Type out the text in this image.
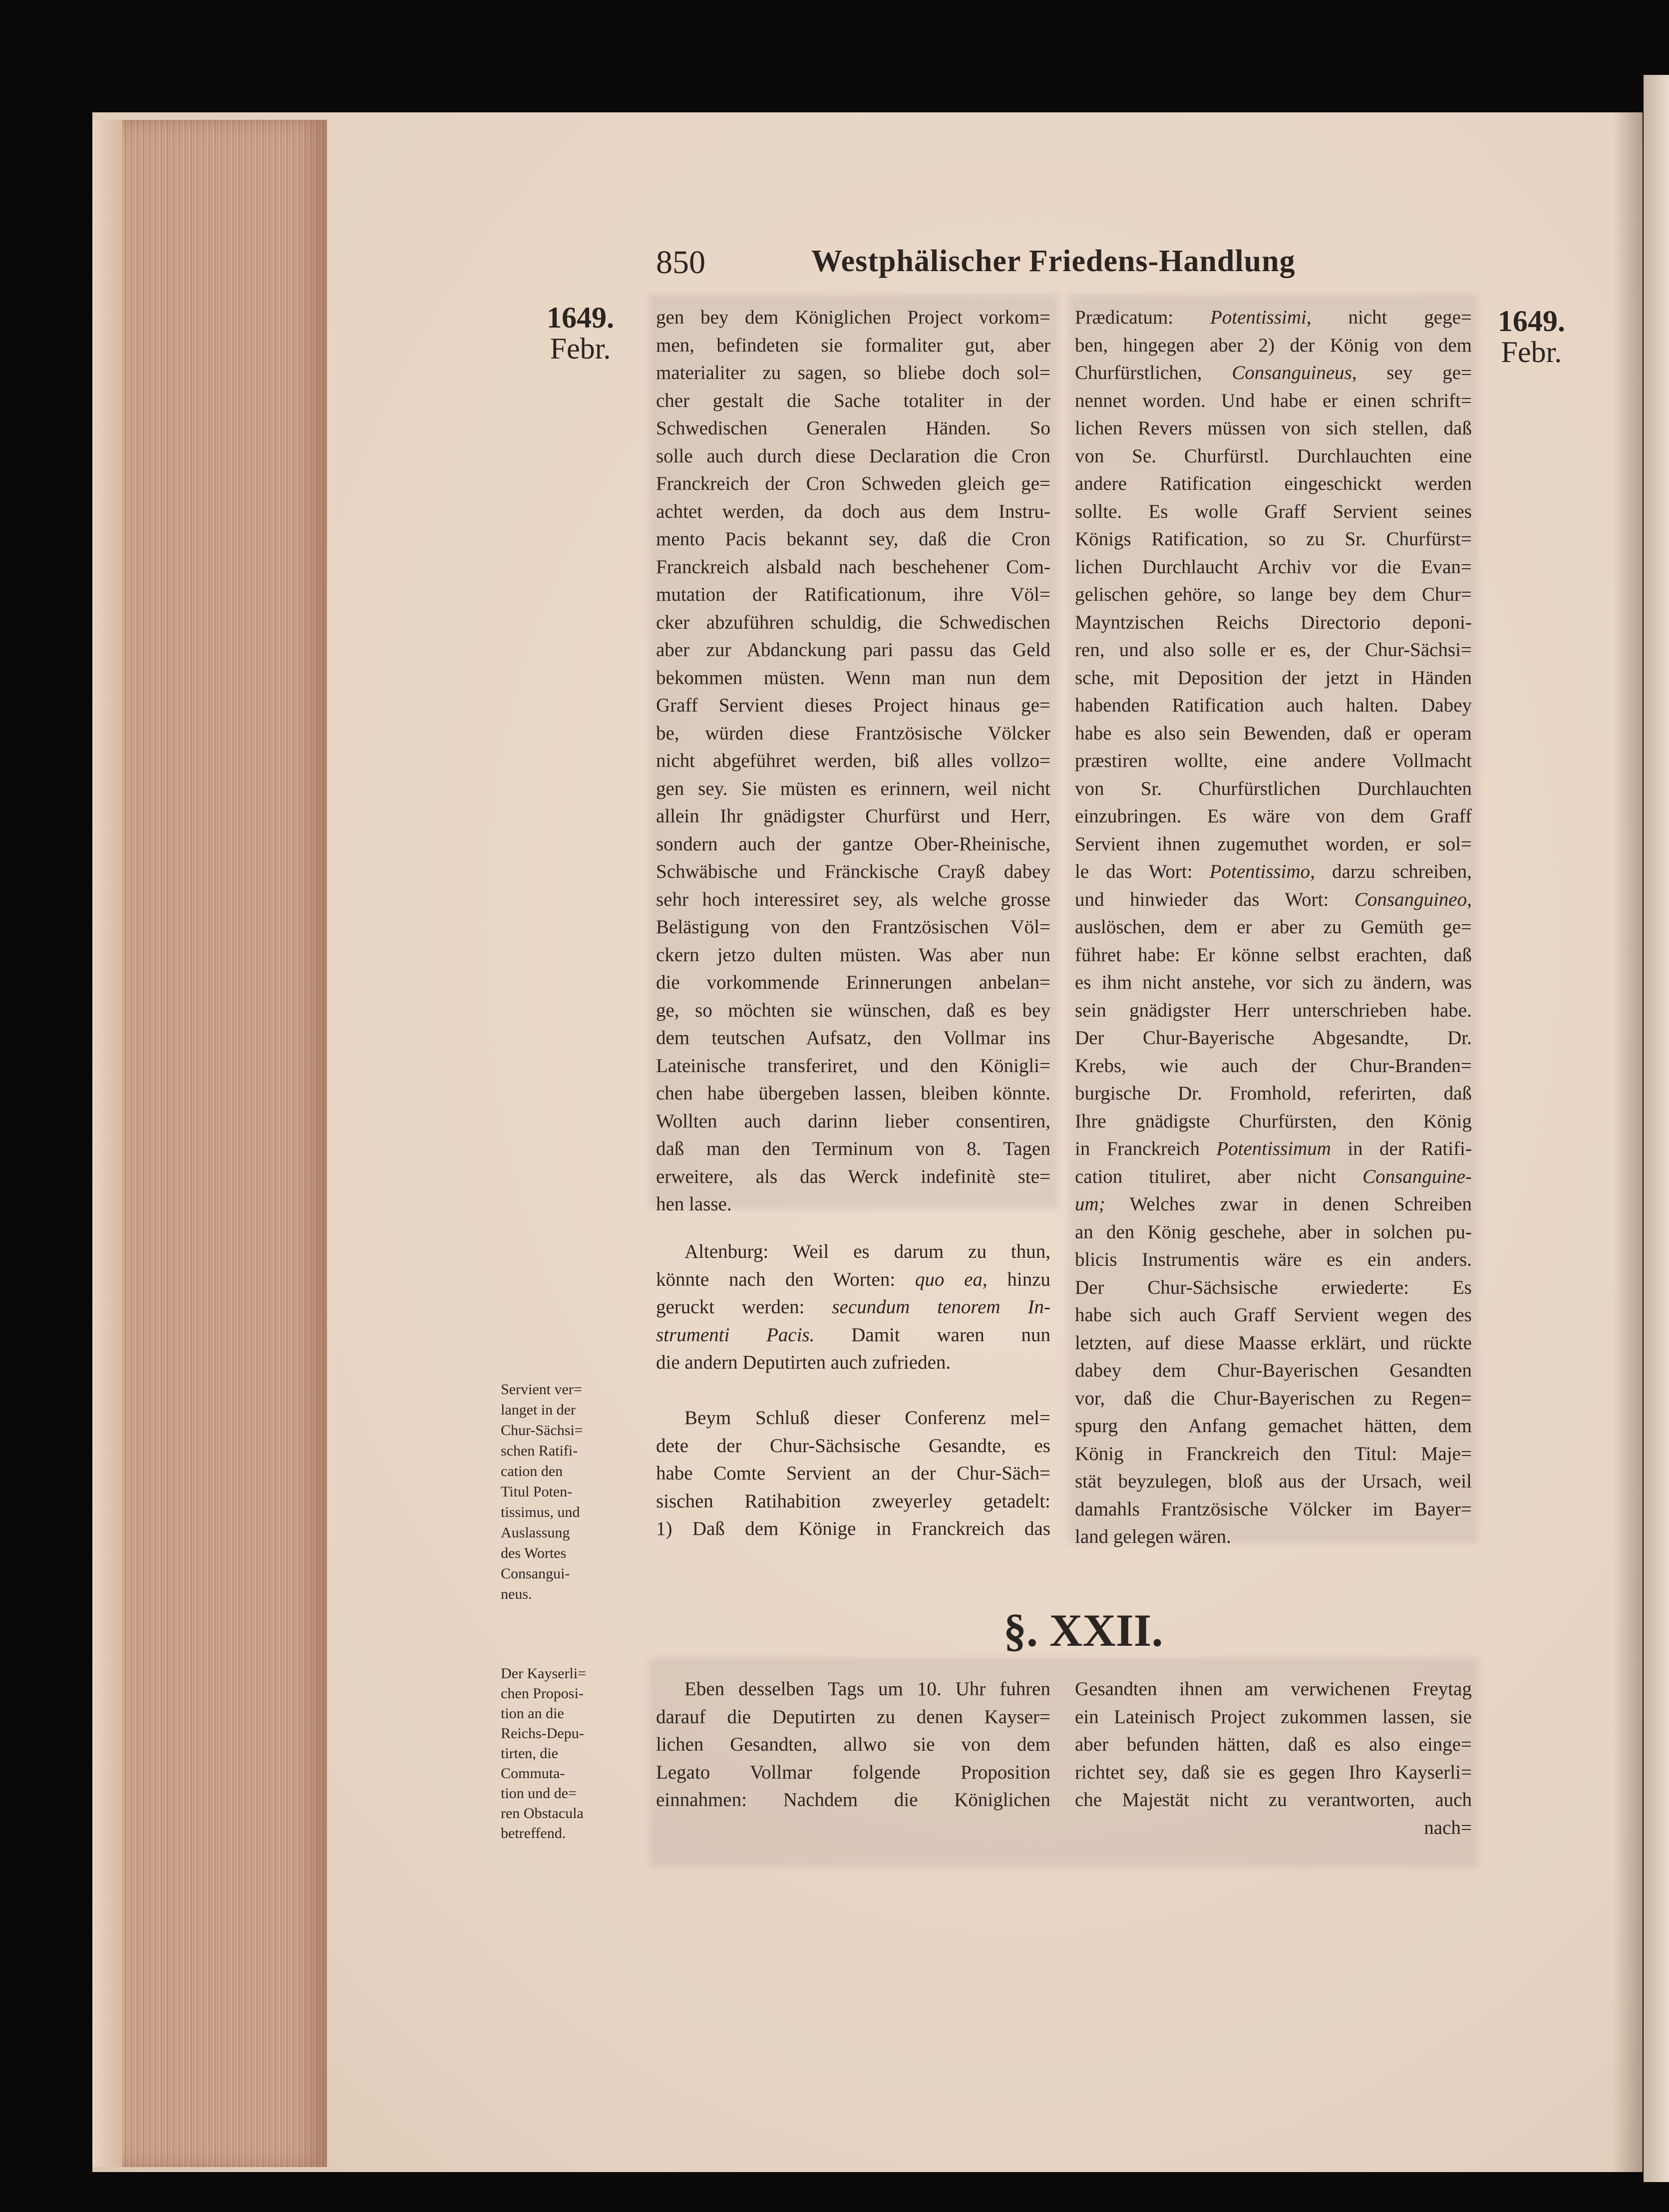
850	Westphälischer Friedens-Handlung
1649.
Febr.
1649.
Febr.
gen bey dem Königlichen Project vorkom=
men, befindeten sie formaliter gut, aber
materialiter zu sagen, so bliebe doch sol=
cher gestalt die Sache totaliter in der
Schwedischen Generalen Händen. So
solle auch durch diese Declaration die Cron
Franckreich der Cron Schweden gleich ge=
achtet werden, da doch aus dem Instru-
mento Pacis bekannt sey, daß die Cron
Franckreich alsbald nach beschehener Com-
mutation der Ratificationum, ihre Völ=
cker abzuführen schuldig, die Schwedischen
aber zur Abdanckung pari passu das Geld
bekommen müsten. Wenn man nun dem
Graff Servient dieses Project hinaus ge=
be, würden diese Frantzösische Völcker
nicht abgeführet werden, biß alles vollzo=
gen sey. Sie müsten es erinnern, weil nicht
allein Ihr gnädigster Churfürst und Herr,
sondern auch der gantze Ober-Rheinische,
Schwäbische und Fränckische Crayß dabey
sehr hoch interessiret sey, als welche grosse
Belästigung von den Frantzösischen Völ=
ckern jetzo dulten müsten. Was aber nun
die vorkommende Erinnerungen anbelan=
ge, so möchten sie wünschen, daß es bey
dem teutschen Aufsatz, den Vollmar ins
Lateinische transferiret, und den Königli=
chen habe übergeben lassen, bleiben könnte.
Wollten auch darinn lieber consentiren,
daß man den Terminum von 8. Tagen
erweitere, als das Werck indefinitè ste=
hen lasse.
Altenburg: Weil es darum zu thun,
könnte nach den Worten: quo ea, hinzu
geruckt werden: secundum tenorem In-
strumenti Pacis. Damit waren nun
die andern Deputirten auch zufrieden.
Beym Schluß dieser Conferenz mel=
dete der Chur-Sächsische Gesandte, es
habe Comte Servient an der Chur-Säch=
sischen Ratihabition zweyerley getadelt:
1) Daß dem Könige in Franckreich das
Prædicatum: Potentissimi, nicht gege=
ben, hingegen aber 2) der König von dem
Churfürstlichen, Consanguineus, sey ge=
nennet worden. Und habe er einen schrift=
lichen Revers müssen von sich stellen, daß
von Se. Churfürstl. Durchlauchten eine
andere Ratification eingeschickt werden
sollte. Es wolle Graff Servient seines
Königs Ratification, so zu Sr. Churfürst=
lichen Durchlaucht Archiv vor die Evan=
gelischen gehöre, so lange bey dem Chur=
Mayntzischen Reichs Directorio deponi-
ren, und also solle er es, der Chur-Sächsi=
sche, mit Deposition der jetzt in Händen
habenden Ratification auch halten. Dabey
habe es also sein Bewenden, daß er operam
præstiren wollte, eine andere Vollmacht
von Sr. Churfürstlichen Durchlauchten
einzubringen. Es wäre von dem Graff
Servient ihnen zugemuthet worden, er sol=
le das Wort: Potentissimo, darzu schreiben,
und hinwieder das Wort: Consanguineo,
auslöschen, dem er aber zu Gemüth ge=
führet habe: Er könne selbst erachten, daß
es ihm nicht anstehe, vor sich zu ändern, was
sein gnädigster Herr unterschrieben habe.
Der Chur-Bayerische Abgesandte, Dr.
Krebs, wie auch der Chur-Branden=
burgische Dr. Fromhold, referirten, daß
Ihre gnädigste Churfürsten, den König
in Franckreich Potentissimum in der Ratifi-
cation tituliret, aber nicht Consanguine-
um; Welches zwar in denen Schreiben
an den König geschehe, aber in solchen pu-
blicis Instrumentis wäre es ein anders.
Der Chur-Sächsische erwiederte: Es
habe sich auch Graff Servient wegen des
letzten, auf diese Maasse erklärt, und rückte
dabey dem Chur-Bayerischen Gesandten
vor, daß die Chur-Bayerischen zu Regen=
spurg den Anfang gemachet hätten, dem
König in Franckreich den Titul: Maje=
stät beyzulegen, bloß aus der Ursach, weil
damahls Frantzösische Völcker im Bayer=
land gelegen wären.
§. XXII.
Eben desselben Tags um 10. Uhr fuhren
darauf die Deputirten zu denen Kayser=
lichen Gesandten, allwo sie von dem
Legato Vollmar folgende Proposition
einnahmen: Nachdem die Königlichen
Gesandten ihnen am verwichenen Freytag
ein Lateinisch Project zukommen lassen, sie
aber befunden hätten, daß es also einge=
richtet sey, daß sie es gegen Ihro Kayserli=
che Majestät nicht zu verantworten, auch
nach=
Servient ver=
langet in der
Chur-Sächsi=
schen Ratifi-
cation den
Titul Poten-
tissimus, und
Auslassung
des Wortes
Consangui-
neus.
Der Kayserli=
chen Proposi-
tion an die
Reichs-Depu-
tirten, die
Commuta-
tion und de=
ren Obstacula
betreffend.
